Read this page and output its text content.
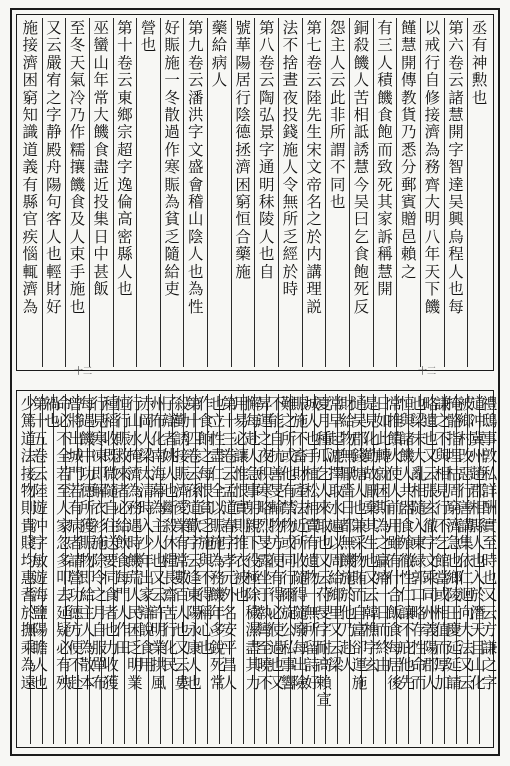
丞有神勲也
第六卷云諸慧開字智達吴興烏程人也每
以戒行自修接濟為務齊大明八年天下饑
饉慧開傳教貨乃悉分郵賓贈邑賴之
有三人積饑食飽而致死其家訴稱慧開
銅殺饑人苦相詆誘慧今吴曰乞食飽死反
怨主人云此非所謂不同也
第七卷云陸先生宋文帝名之於内講理説
法不捨晝夜投錢施人令無所乏經於時
第八卷云陶弘景字通明秣陵人也自
號華陽居行陰德拯濟困窮恒合藥施
藥給病人
第九卷云潘洪字文盛會稽山陰人也為性
好賑施一冬散過作寒賑為貧乏隨給吏
營也
第十卷云東鄉宗超字逸倫高密縣人也
巫蠻山年常大饑食盡近投集日中甚飯
至冬天氣冷乃作糯攘饑食及人束手施也
又云嚴宥之字静殿舟陽句客人也輕財好
施接濟困窮知識道義有縣官疾惱輒濟為
禮鴟事敦私詳酬實至時也又云方謙之字
道冲冀州趙郡相縣人也入於潛天目山化
被鄉村改惡行善講集依仁迴向大法又云
掩骼指埋枯周窮濟急也鄉陵王慶延延請
謙之不與相見行不乞館當或相值而厚加
略遺也又云張玄徹字文乘司州義陽郡人
也梁末大亂相隨入東緑郭口略存性命而
恒與諸饑人共器食飧徹性仁讓不庇他先
常推饋火使人前用雖有什合飯食每居後
日如此轉就困斯為之贏瘠一日而終由
是見化勤故厭棄其生也又云韓樵字玄
通吴郡錢塘人也兼采物賄而自富卻運施
財給物無厭嗇日都無饑施於他乃赴人
常早起漉擇取水遍以周給鄉里又云梁
夏月種瓜乞人來取也又云苻旻字耐高賴宣
城人也手植松柟賣有遺物一無所留詩好
賑施不畜財產法近所收隨得隨廢每出險
難之所或他有禁物或同行爾旋公私事響
不能自抗善旻輸物方便有得必使過也又
昇運之夜积寒略烈旻露坐于執彎至曉不
懈每赴人急事躬親下役極除穢濕盡其力
用易必讓惟恨實則推衣被也
第十三卷云孟道春字孝元外名安平昌人
也立性盡仁全以賑施為務饑年多銳死常
作食餉之每恨貧乏施與不得稱心也
第十四卷云孫道歡字云逢東陽永康人也
殺勤誘接賑濟愛業有常數百人也又云婁
子辯者姚人也斷殺休糧長齋苦行化民
州布化南海幕為主人也又云許明業拱風
赤岡人梁太清時入少年出家辯說食用
行山水掩濟為務遇時饑荒人民困乏明業
恒行賑救來者必給飲食每門人作田
種稻收既微隨自住送要同食者也力收獲
行見寒凍即解衣衫施除令之月自服單布
每遇饑中功德所獲賑物即給主人為散本
曾將出城門若有病者請營功德方便不赴
命必不全若至人家忽多叩去延疑必有殃
禍也
第十五卷云陸遊冲字敏遊海鹽陽瞻人也
少篤道法接物則貴賤均惠耆於撫乘為遠
十三	十三
